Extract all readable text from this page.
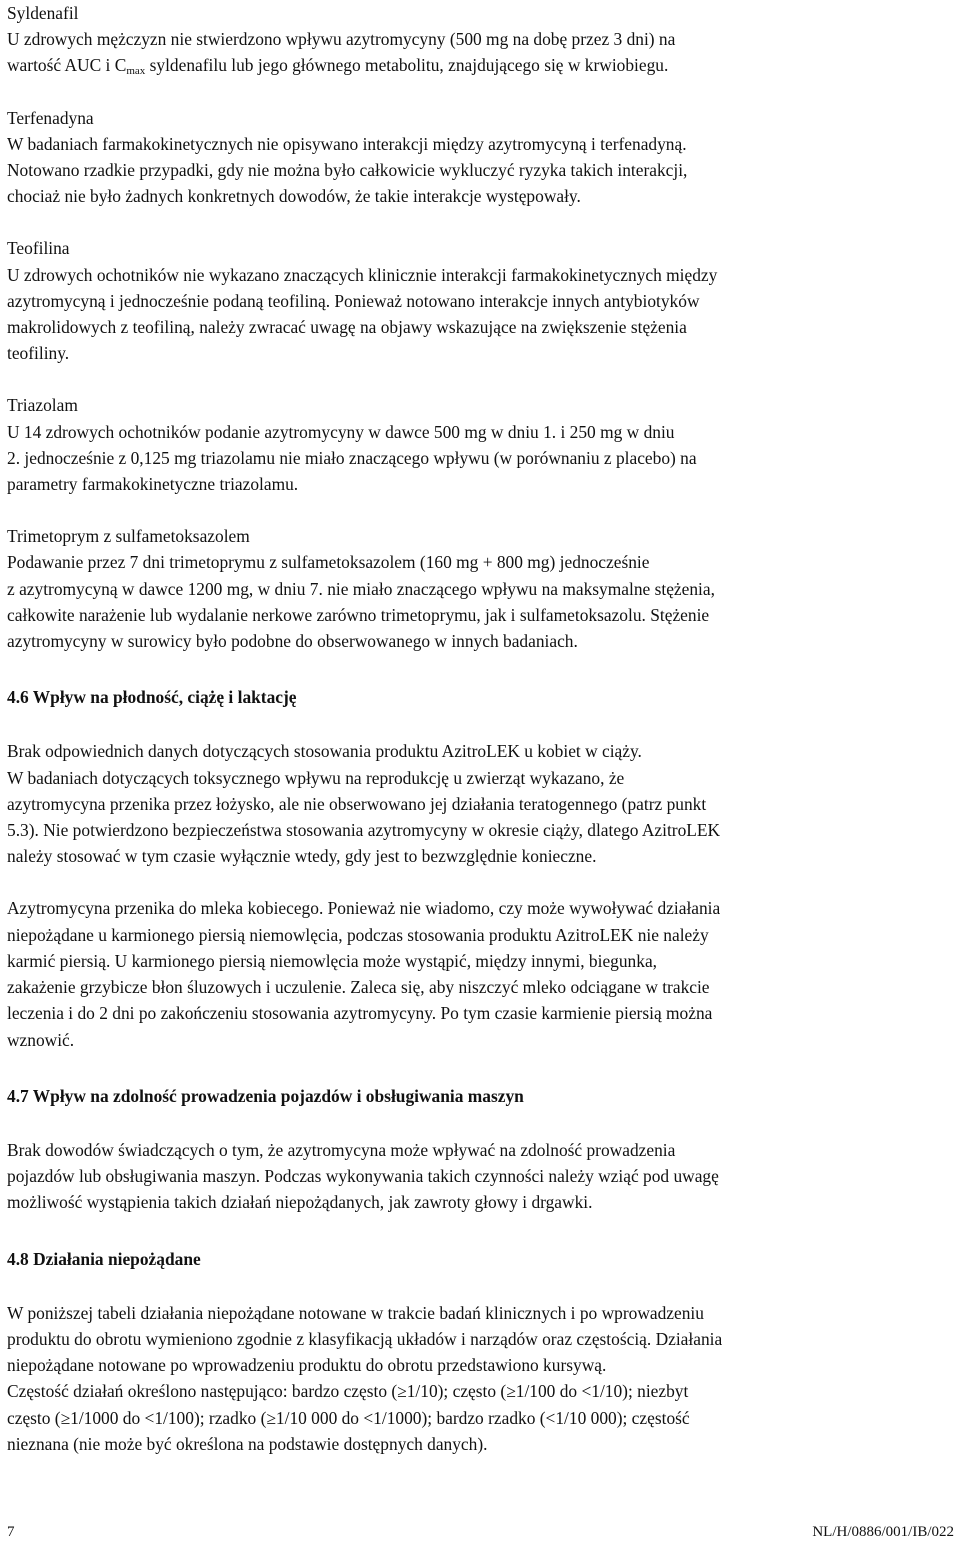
Syldenafil
U zdrowych mężczyzn nie stwierdzono wpływu azytromycyny (500 mg na dobę przez 3 dni) na
wartość AUC i $C_{max}$ syldenafilu lub jego głównego metabolitu, znajdującego się w krwiobiegu.
Terfenadyna
W badaniach farmakokinetycznych nie opisywano interakcji między azytromycyną i terfenadyną.
Notowano rzadkie przypadki, gdy nie można było całkowicie wykluczyć ryzyka takich interakcji,
chociaż nie było żadnych konkretnych dowodów, że takie interakcje występowały.
Teofilina
U zdrowych ochotników nie wykazano znaczących klinicznie interakcji farmakokinetycznych między
azytromycyną i jednocześnie podaną teofiliną. Ponieważ notowano interakcje innych antybiotyków
makrolidowych z teofiliną, należy zwracać uwagę na objawy wskazujące na zwiększenie stężenia
teofiliny.
Triazolam
U 14 zdrowych ochotników podanie azytromycyny w dawce 500 mg w dniu 1. i 250 mg w dniu
2. jednocześnie z 0,125 mg triazolamu nie miało znaczącego wpływu (w porównaniu z placebo) na
parametry farmakokinetyczne triazolamu.
Trimetoprym z sulfametoksazolem
Podawanie przez 7 dni trimetoprymu z sulfametoksazolem (160 mg + 800 mg) jednocześnie
z azytromycyną w dawce 1200 mg, w dniu 7. nie miało znaczącego wpływu na maksymalne stężenia,
całkowite narażenie lub wydalanie nerkowe zarówno trimetoprymu, jak i sulfametoksazolu. Stężenie
azytromycyny w surowicy było podobne do obserwowanego w innych badaniach.
4.6 Wpływ na płodność, ciążę i laktację
Brak odpowiednich danych dotyczących stosowania produktu AzitroLEK u kobiet w ciąży.
W badaniach dotyczących toksycznego wpływu na reprodukcję u zwierząt wykazano, że
azytromycyna przenika przez łożysko, ale nie obserwowano jej działania teratogennego (patrz punkt
5.3). Nie potwierdzono bezpieczeństwa stosowania azytromycyny w okresie ciąży, dlatego AzitroLEK
należy stosować w tym czasie wyłącznie wtedy, gdy jest to bezwzględnie konieczne.
Azytromycyna przenika do mleka kobiecego. Ponieważ nie wiadomo, czy może wywoływać działania
niepożądane u karmionego piersią niemowlęcia, podczas stosowania produktu AzitroLEK nie należy
karmić piersią. U karmionego piersią niemowlęcia może wystąpić, między innymi, biegunka,
zakażenie grzybicze błon śluzowych i uczulenie. Zaleca się, aby niszczyć mleko odciągane w trakcie
leczenia i do 2 dni po zakończeniu stosowania azytromycyny. Po tym czasie karmienie piersią można
wznowić.
4.7 Wpływ na zdolność prowadzenia pojazdów i obsługiwania maszyn
Brak dowodów świadczących o tym, że azytromycyna może wpływać na zdolność prowadzenia
pojazdów lub obsługiwania maszyn. Podczas wykonywania takich czynności należy wziąć pod uwagę
możliwość wystąpienia takich działań niepożądanych, jak zawroty głowy i drgawki.
4.8 Działania niepożądane
W poniższej tabeli działania niepożądane notowane w trakcie badań klinicznych i po wprowadzeniu
produktu do obrotu wymieniono zgodnie z klasyfikacją układów i narządów oraz częstością. Działania
niepożądane notowane po wprowadzeniu produktu do obrotu przedstawiono kursywą.
Częstość działań określono następująco: bardzo często (≥1/10); często (≥1/100 do <1/10); niezbyt
często (≥1/1000 do <1/100); rzadko (≥1/10 000 do <1/1000); bardzo rzadko (<1/10 000); częstość
nieznana (nie może być określona na podstawie dostępnych danych).
7	NL/H/0886/001/IB/022
